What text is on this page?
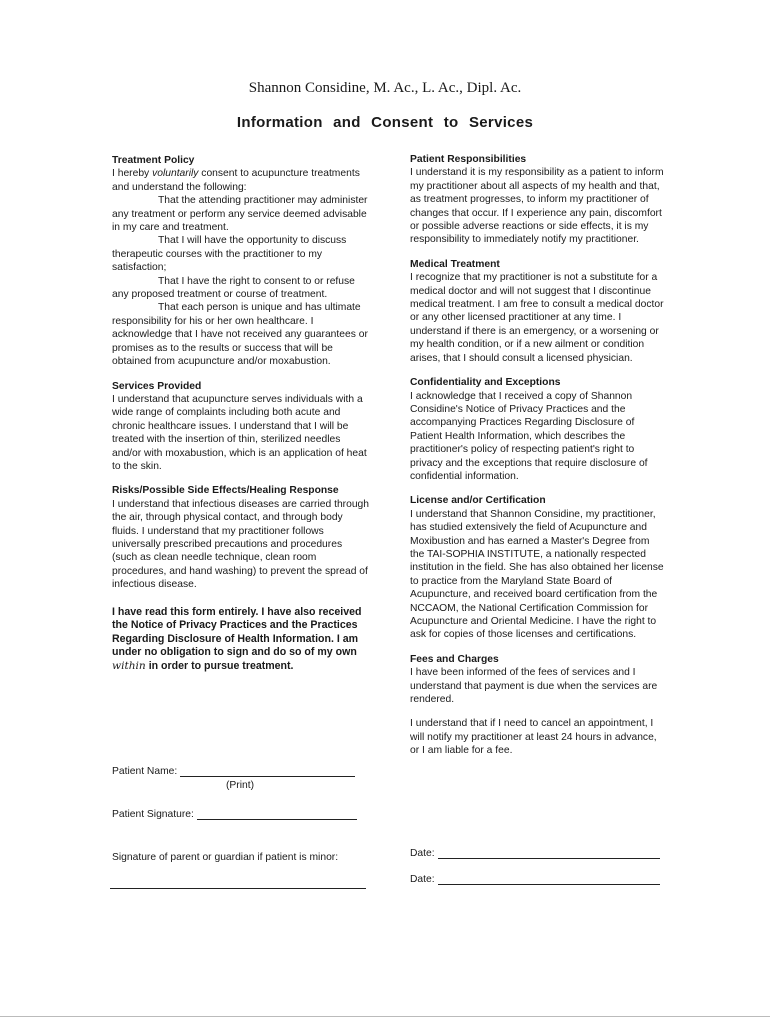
Shannon Considine, M. Ac., L. Ac., Dipl. Ac.
Information and Consent to Services
Treatment Policy

I hereby voluntarily consent to acupuncture treatments and understand the following:

That the attending practitioner may administer any treatment or perform any service deemed advisable in my care and treatment.

That I will have the opportunity to discuss therapeutic courses with the practitioner to my satisfaction;

That I have the right to consent to or refuse any proposed treatment or course of treatment.

That each person is unique and has ultimate responsibility for his or her own healthcare. I acknowledge that I have not received any guarantees or promises as to the results or success that will be obtained from acupuncture and/or moxabustion.

Services Provided

I understand that acupuncture serves individuals with a wide range of complaints including both acute and chronic healthcare issues. I understand that I will be treated with the insertion of thin, sterilized needles and/or with moxabustion, which is an application of heat to the skin.

Risks/Possible Side Effects/Healing Response

I understand that infectious diseases are carried through the air, through physical contact, and through body fluids. I understand that my practitioner follows universally prescribed precautions and procedures (such as clean needle technique, clean room procedures, and hand washing) to prevent the spread of infectious disease.

I have read this form entirely. I have also received the Notice of Privacy Practices and the Practices Regarding Disclosure of Health Information. I am under no obligation to sign and do so of my own within in order to pursue treatment.
Patient Name:
(Print)
Patient Signature:
Signature of parent or guardian if patient is minor:
Patient Responsibilities

I understand it is my responsibility as a patient to inform my practitioner about all aspects of my health and that, as treatment progresses, to inform my practitioner of changes that occur. If I experience any pain, discomfort or possible adverse reactions or side effects, it is my responsibility to immediately notify my practitioner.

Medical Treatment

I recognize that my practitioner is not a substitute for a medical doctor and will not suggest that I discontinue medical treatment. I am free to consult a medical doctor or any other licensed practitioner at any time. I understand if there is an emergency, or a worsening or my health condition, or if a new ailment or condition arises, that I should consult a licensed physician.

Confidentiality and Exceptions

I acknowledge that I received a copy of Shannon Considine's Notice of Privacy Practices and the accompanying Practices Regarding Disclosure of Patient Health Information, which describes the practitioner's policy of respecting patient's right to privacy and the exceptions that require disclosure of confidential information.

License and/or Certification

I understand that Shannon Considine, my practitioner, has studied extensively the field of Acupuncture and Moxibustion and has earned a Master's Degree from the TAI-SOPHIA INSTITUTE, a nationally respected institution in the field. She has also obtained her license to practice from the Maryland State Board of Acupuncture, and received board certification from the NCCAOM, the National Certification Commission for Acupuncture and Oriental Medicine. I have the right to ask for copies of those licenses and certifications.

Fees and Charges

I have been informed of the fees of services and I understand that payment is due when the services are rendered.

I understand that if I need to cancel an appointment, I will notify my practitioner at least 24 hours in advance, or I am liable for a fee.

Date:
Date:
